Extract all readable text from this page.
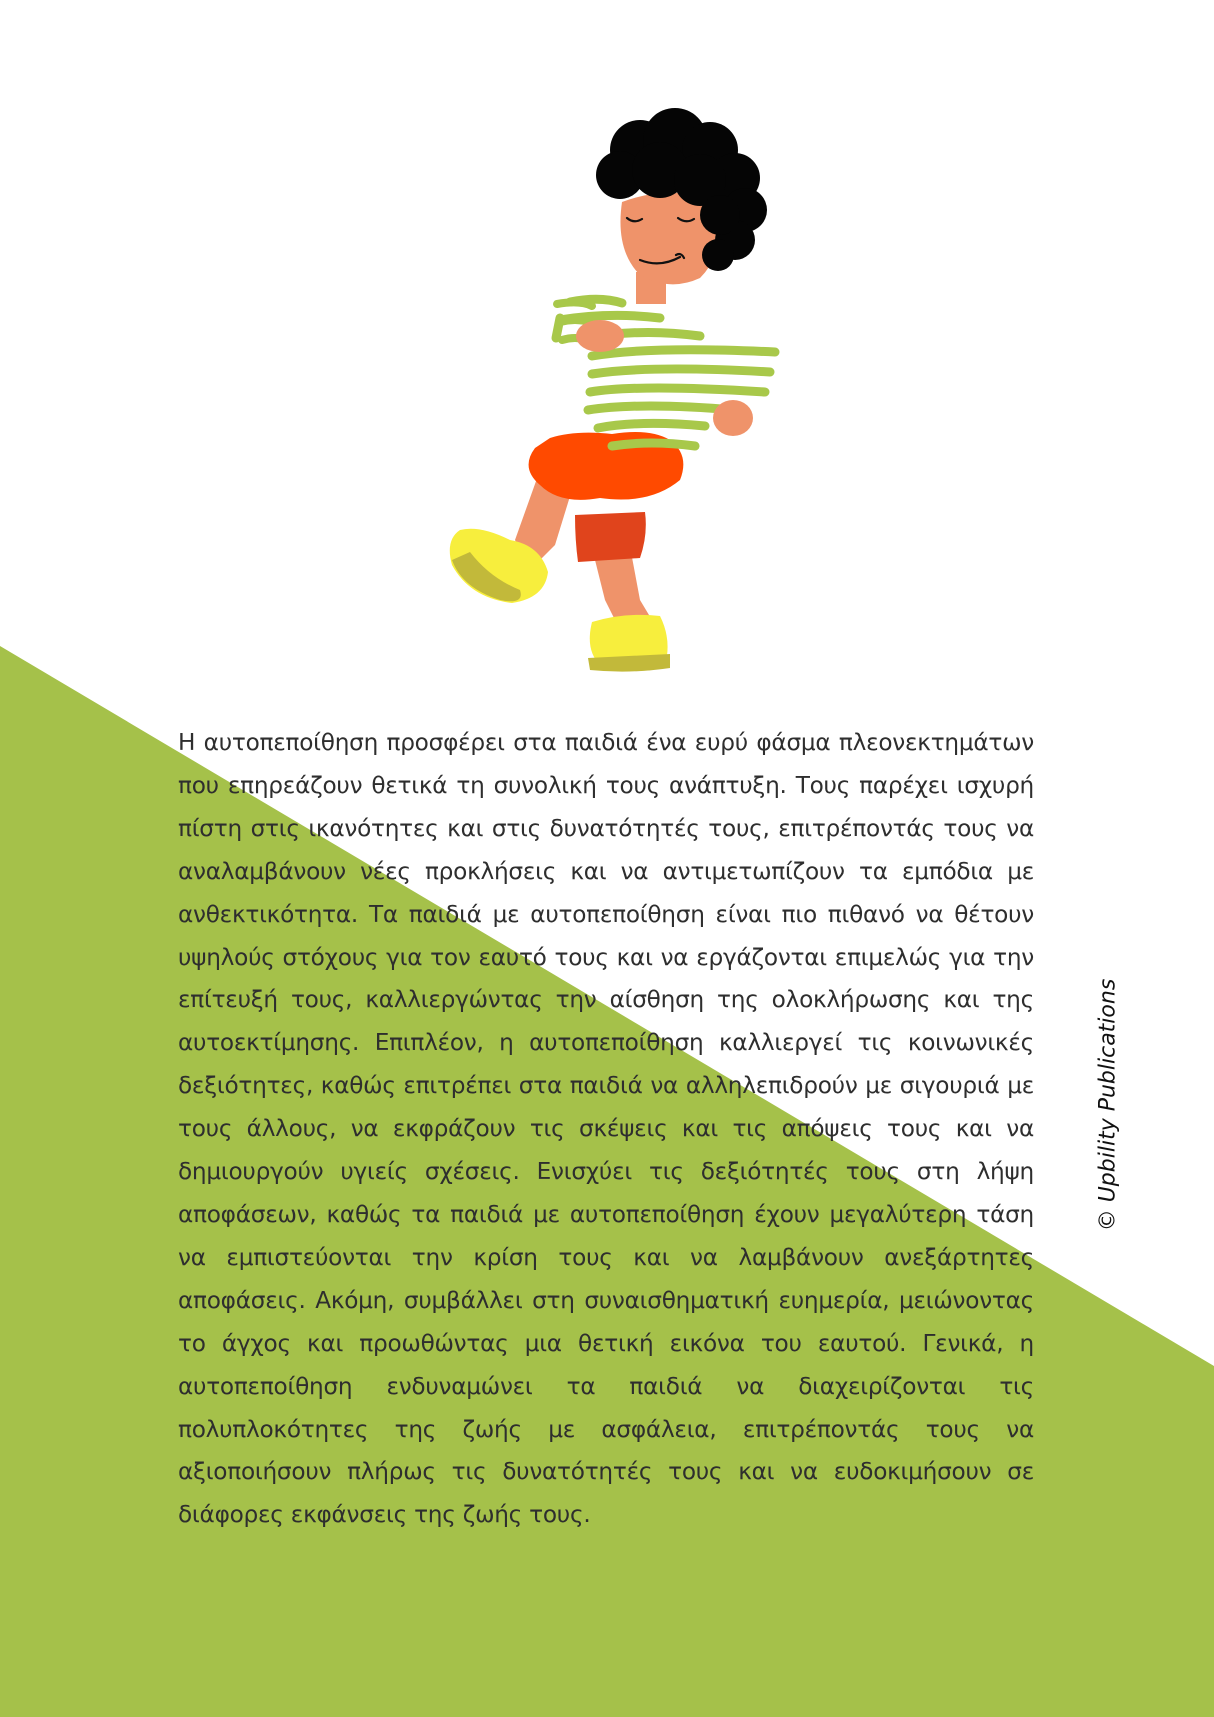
Η αυτοπεποίθηση προσφέρει στα παιδιά ένα ευρύ φάσμα πλεονεκτημάτων που επηρεάζουν θετικά τη συνολική τους ανάπτυξη. Τους παρέχει ισχυρή πίστη στις ικανότητες και στις δυνατότητές τους, επιτρέποντάς τους να αναλαμβάνουν νέες προκλήσεις και να αντιμετωπίζουν τα εμπόδια με ανθεκτικότητα. Τα παιδιά με αυτοπεποίθηση είναι πιο πιθανό να θέτουν υψηλούς στόχους για τον εαυτό τους και να εργάζονται επιμελώς για την επίτευξή τους, καλλιεργώντας την αίσθηση της ολοκλήρωσης και της αυτοεκτίμησης. Επιπλέον, η αυτοπεποίθηση καλλιεργεί τις κοινωνικές δεξιότητες, καθώς επιτρέπει στα παιδιά να αλληλεπιδρούν με σιγουριά με τους άλλους, να εκφράζουν τις σκέψεις και τις απόψεις τους και να δημιουργούν υγιείς σχέσεις. Ενισχύει τις δεξιότητές τους στη λήψη αποφάσεων, καθώς τα παιδιά με αυτοπεποίθηση έχουν μεγαλύτερη τάση να εμπιστεύονται την κρίση τους και να λαμβάνουν ανεξάρτητες αποφάσεις. Ακόμη, συμβάλλει στη συναισθηματική ευημερία, μειώνοντας το άγχος και προωθώντας μια θετική εικόνα του εαυτού. Γενικά, η αυτοπεποίθηση ενδυναμώνει τα παιδιά να διαχειρίζονται τις πολυπλοκότητες της ζωής με ασφάλεια, επιτρέποντάς τους να αξιοποιήσουν πλήρως τις δυνατότητές τους και να ευδοκιμήσουν σε διάφορες εκφάνσεις της ζωής τους.

© Upbility Publications
